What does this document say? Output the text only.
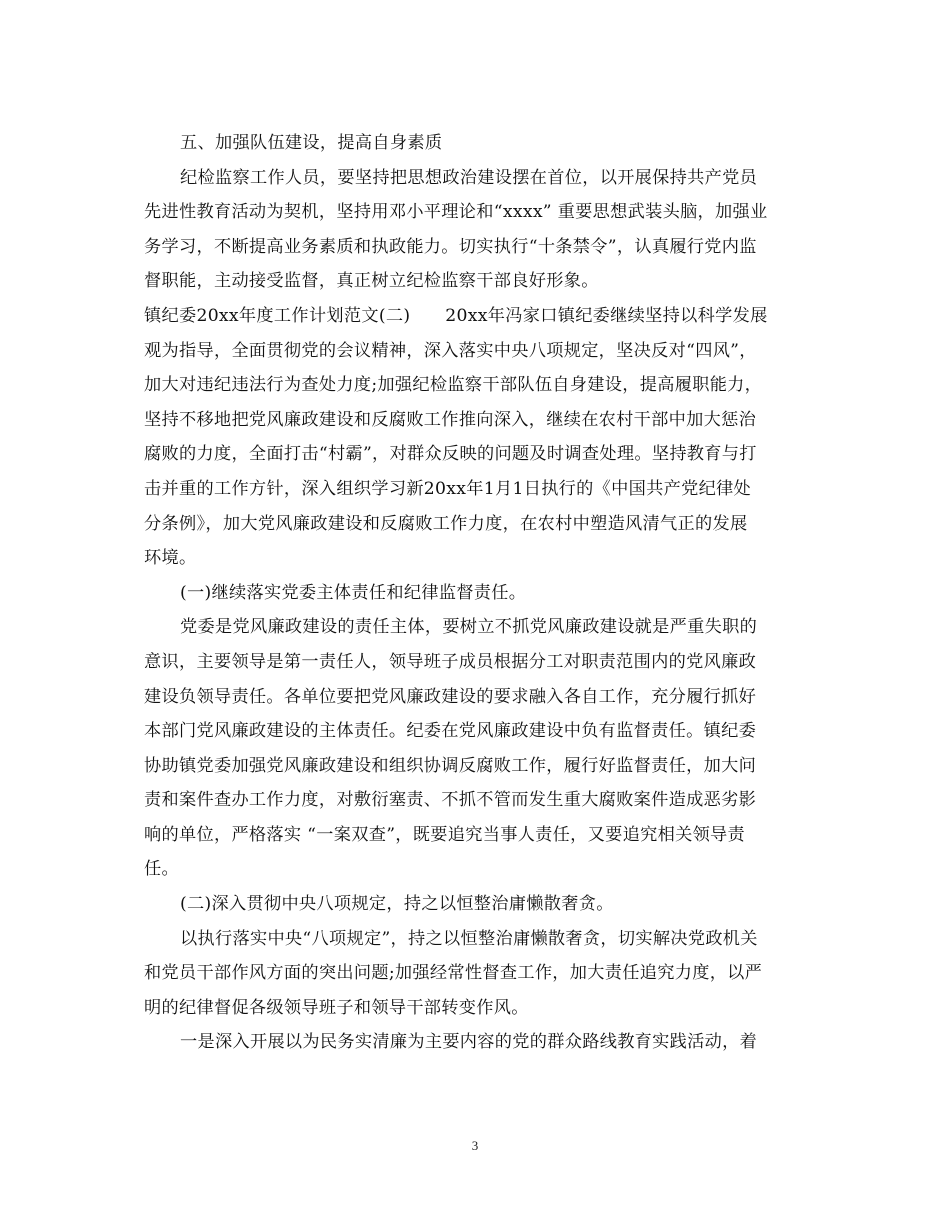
五、加强队伍建设，提高自身素质
纪检监察工作人员，要坚持把思想政治建设摆在首位，以开展保持共产党员
先进性教育活动为契机，坚持用邓小平理论和“xxxx” 重要思想武装头脑，加强业
务学习，不断提高业务素质和执政能力。切实执行“十条禁令”，认真履行党内监
督职能，主动接受监督，真正树立纪检监察干部良好形象。
镇纪委20xx年度工作计划范文(二)　　20xx年冯家口镇纪委继续坚持以科学发展
观为指导，全面贯彻党的会议精神，深入落实中央八项规定，坚决反对“四风”，
加大对违纪违法行为查处力度;加强纪检监察干部队伍自身建设，提高履职能力，
坚持不移地把党风廉政建设和反腐败工作推向深入，继续在农村干部中加大惩治
腐败的力度，全面打击“村霸”，对群众反映的问题及时调查处理。坚持教育与打
击并重的工作方针，深入组织学习新20xx年1月1日执行的《中国共产党纪律处
分条例》，加大党风廉政建设和反腐败工作力度，在农村中塑造风清气正的发展
环境。
(一)继续落实党委主体责任和纪律监督责任。
党委是党风廉政建设的责任主体，要树立不抓党风廉政建设就是严重失职的
意识，主要领导是第一责任人，领导班子成员根据分工对职责范围内的党风廉政
建设负领导责任。各单位要把党风廉政建设的要求融入各自工作，充分履行抓好
本部门党风廉政建设的主体责任。纪委在党风廉政建设中负有监督责任。镇纪委
协助镇党委加强党风廉政建设和组织协调反腐败工作，履行好监督责任，加大问
责和案件查办工作力度，对敷衍塞责、不抓不管而发生重大腐败案件造成恶劣影
响的单位，严格落实 “一案双查”，既要追究当事人责任，又要追究相关领导责
任。
(二)深入贯彻中央八项规定，持之以恒整治庸懒散奢贪。
以执行落实中央“八项规定”，持之以恒整治庸懒散奢贪，切实解决党政机关
和党员干部作风方面的突出问题;加强经常性督查工作，加大责任追究力度，以严
明的纪律督促各级领导班子和领导干部转变作风。
一是深入开展以为民务实清廉为主要内容的党的群众路线教育实践活动，着
3
